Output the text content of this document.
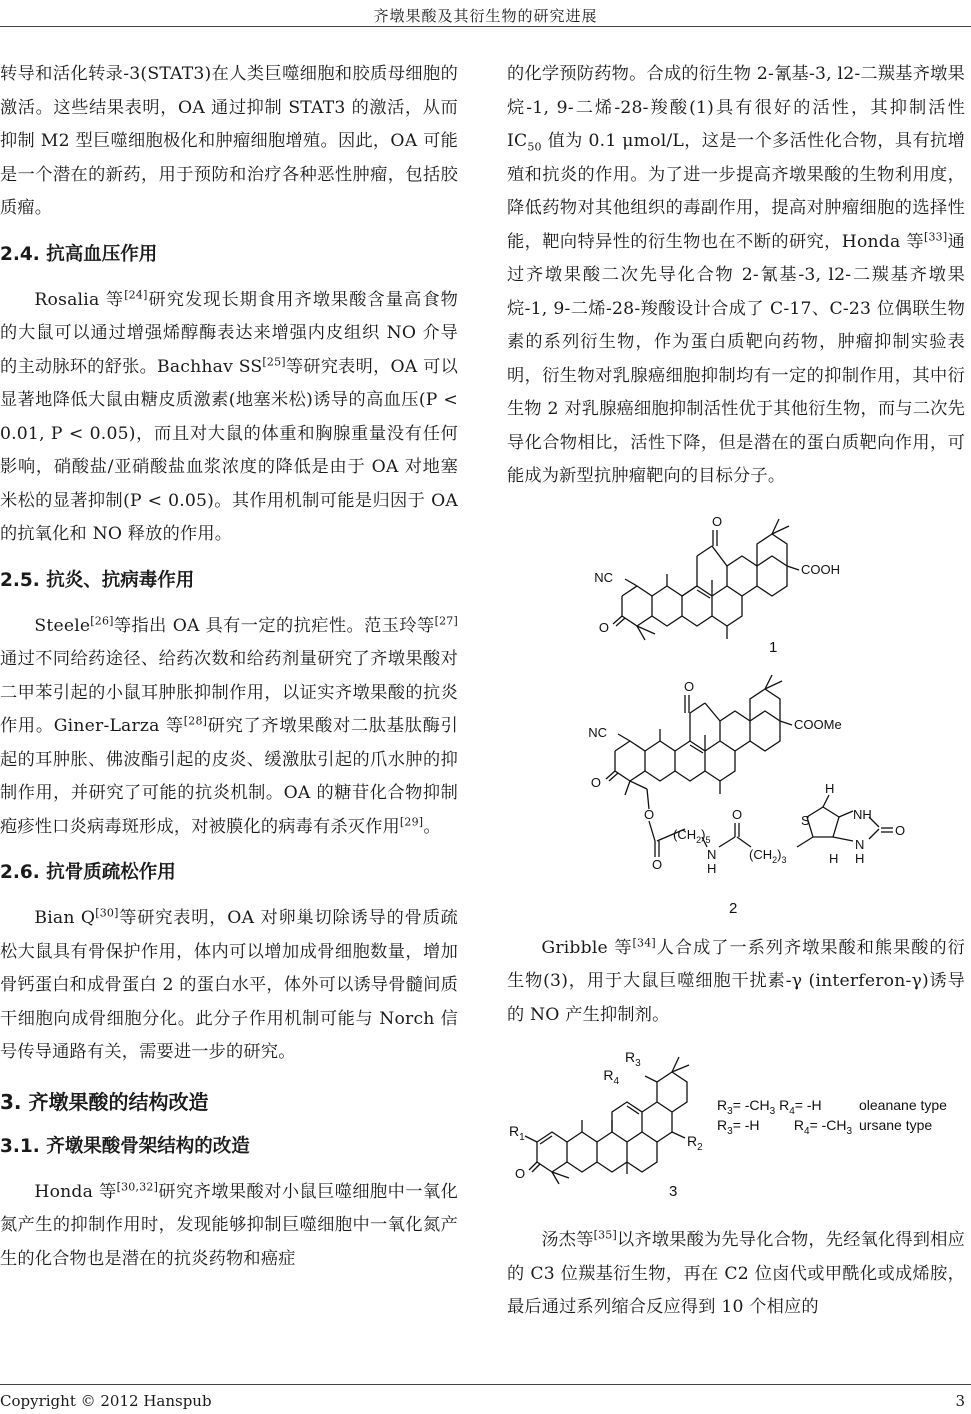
齐墩果酸及其衍生物的研究进展

转导和活化转录-3(STAT3)在人类巨噬细胞和胶质母细胞的激活。这些结果表明，OA 通过抑制 STAT3 的激活，从而抑制 M2 型巨噬细胞极化和肿瘤细胞增殖。因此，OA 可能是一个潜在的新药，用于预防和治疗各种恶性肿瘤，包括胶质瘤。

2.4. 抗高血压作用

Rosalia 等[24]研究发现长期食用齐墩果酸含量高食物的大鼠可以通过增强烯醇酶表达来增强内皮组织 NO 介导的主动脉环的舒张。Bachhav SS[25]等研究表明，OA 可以显著地降低大鼠由糖皮质激素(地塞米松)诱导的高血压(P < 0.01, P < 0.05)，而且对大鼠的体重和胸腺重量没有任何影响，硝酸盐/亚硝酸盐血浆浓度的降低是由于 OA 对地塞米松的显著抑制(P < 0.05)。其作用机制可能是归因于 OA 的抗氧化和 NO 释放的作用。

2.5. 抗炎、抗病毒作用

Steele[26]等指出 OA 具有一定的抗疟性。范玉玲等[27]通过不同给药途径、给药次数和给药剂量研究了齐墩果酸对二甲苯引起的小鼠耳肿胀抑制作用，以证实齐墩果酸的抗炎作用。Giner-Larza 等[28]研究了齐墩果酸对二肽基肽酶引起的耳肿胀、佛波酯引起的皮炎、缓激肽引起的爪水肿的抑制作用，并研究了可能的抗炎机制。OA 的糖苷化合物抑制疱疹性口炎病毒斑形成，对被膜化的病毒有杀灭作用[29]。

2.6. 抗骨质疏松作用

Bian Q[30]等研究表明，OA 对卵巢切除诱导的骨质疏松大鼠具有骨保护作用，体内可以增加成骨细胞数量，增加骨钙蛋白和成骨蛋白 2 的蛋白水平，体外可以诱导骨髓间质干细胞向成骨细胞分化。此分子作用机制可能与 Norch 信号传导通路有关，需要进一步的研究。

3. 齐墩果酸的结构改造
3.1. 齐墩果酸骨架结构的改造

Honda 等[30,32]研究齐墩果酸对小鼠巨噬细胞中一氧化氮产生的抑制作用时，发现能够抑制巨噬细胞中一氧化氮产生的化合物也是潜在的抗炎药物和癌症

的化学预防药物。合成的衍生物 2-氰基-3, l2-二羰基齐墩果烷-1, 9-二烯-28-羧酸(1)具有很好的活性，其抑制活性 $IC_{50}$ 值为 0.1 μmol/L，这是一个多活性化合物，具有抗增殖和抗炎的作用。为了进一步提高齐墩果酸的生物利用度，降低药物对其他组织的毒副作用，提高对肿瘤细胞的选择性能，靶向特异性的衍生物也在不断的研究，Honda 等[33]通过齐墩果酸二次先导化合物 2-氰基-3, l2-二羰基齐墩果烷-1, 9-二烯-28-羧酸设计合成了 C-17、C-23 位偶联生物素的系列衍生物，作为蛋白质靶向药物，肿瘤抑制实验表明，衍生物对乳腺癌细胞抑制均有一定的抑制作用，其中衍生物 2 对乳腺癌细胞抑制活性优于其他衍生物，而与二次先导化合物相比，活性下降，但是潜在的蛋白质靶向作用，可能成为新型抗肿瘤靶向的目标分子。

O
NC
O
COOH
1
O
NC
O
COOMe
O
O
$(CH_2)_5$
N
H
O
$(CH_2)_3$
S
H
NH
O
N
H H
2

Gribble 等[34]人合成了一系列齐墩果酸和熊果酸的衍生物(3)，用于大鼠巨噬细胞干扰素-γ (interferon-γ)诱导的 NO 产生抑制剂。

$R_3$
$R_4$
$R_2$
$R_1$
O
$R_3= -CH_3$ $R_4= -H$	oleanane type
$R_3= -H$ $R_4= -CH_3$ ursane type
3

汤杰等[35]以齐墩果酸为先导化合物，先经氧化得到相应的 C3 位羰基衍生物，再在 C2 位卤代或甲酰化或成烯胺，最后通过系列缩合反应得到 10 个相应的

Copyright © 2012 Hanspub	3
